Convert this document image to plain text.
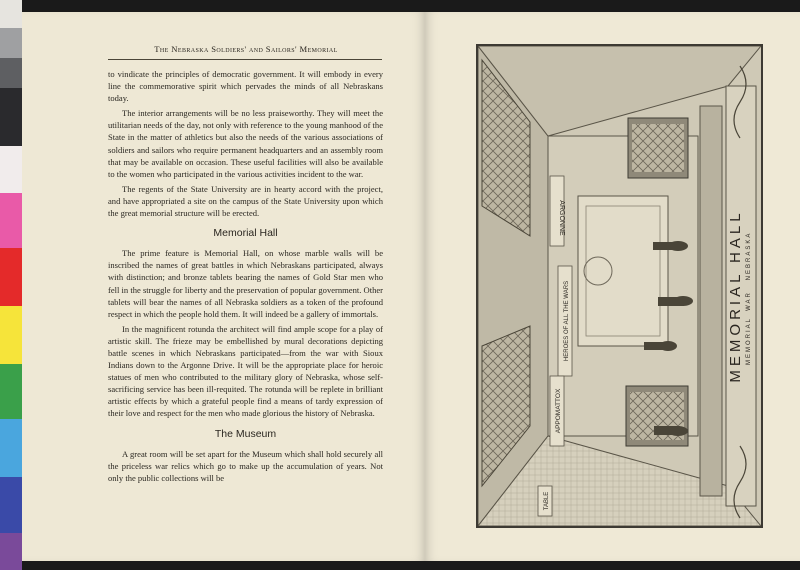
The Nebraska Soldiers' and Sailors' Memorial

to vindicate the principles of democratic government. It will embody in every line the commemorative spirit which pervades the minds of all Nebraskans today.

The interior arrangements will be no less praiseworthy. They will meet the utilitarian needs of the day, not only with reference to the young manhood of the State in the matter of athletics but also the needs of the various associations of soldiers and sailors who require permanent headquarters and an assembly room that may be available on occasion. These useful facilities will also be available to the women who participated in the various activities incident to the war.

The regents of the State University are in hearty accord with the project, and have appropriated a site on the campus of the State University upon which the great memorial structure will be erected.

Memorial Hall

The prime feature is Memorial Hall, on whose marble walls will be inscribed the names of great battles in which Nebraskans participated, always with distinction; and bronze tablets bearing the names of Gold Star men who fell in the struggle for liberty and the preservation of popular government. Other tablets will bear the names of all Nebraska soldiers as a token of the profound respect in which the people hold them. It will indeed be a gallery of immortals.

In the magnificent rotunda the architect will find ample scope for a play of artistic skill. The frieze may be embellished by mural decorations depicting battle scenes in which Nebraskans participated—from the war with Sioux Indians down to the Argonne Drive. It will be the appropriate place for heroic statues of men who contributed to the military glory of Nebraska, whose self-sacrificing service has been ill-requited. The rotunda will be replete in brilliant artistic effects by which a grateful people find a means of tardy expression of their love and respect for the men who made glorious the history of Nebraska.

The Museum

A great room will be set apart for the Museum which shall hold securely all the priceless war relics which go to make up the accumulation of years. Not only the public collections will be

ARGONNE
HEROES OF ALL THE WARS
APPOMATTOX
TABLE
MEMORIAL HALL NEBRASKA
WAR
MEMORIAL
